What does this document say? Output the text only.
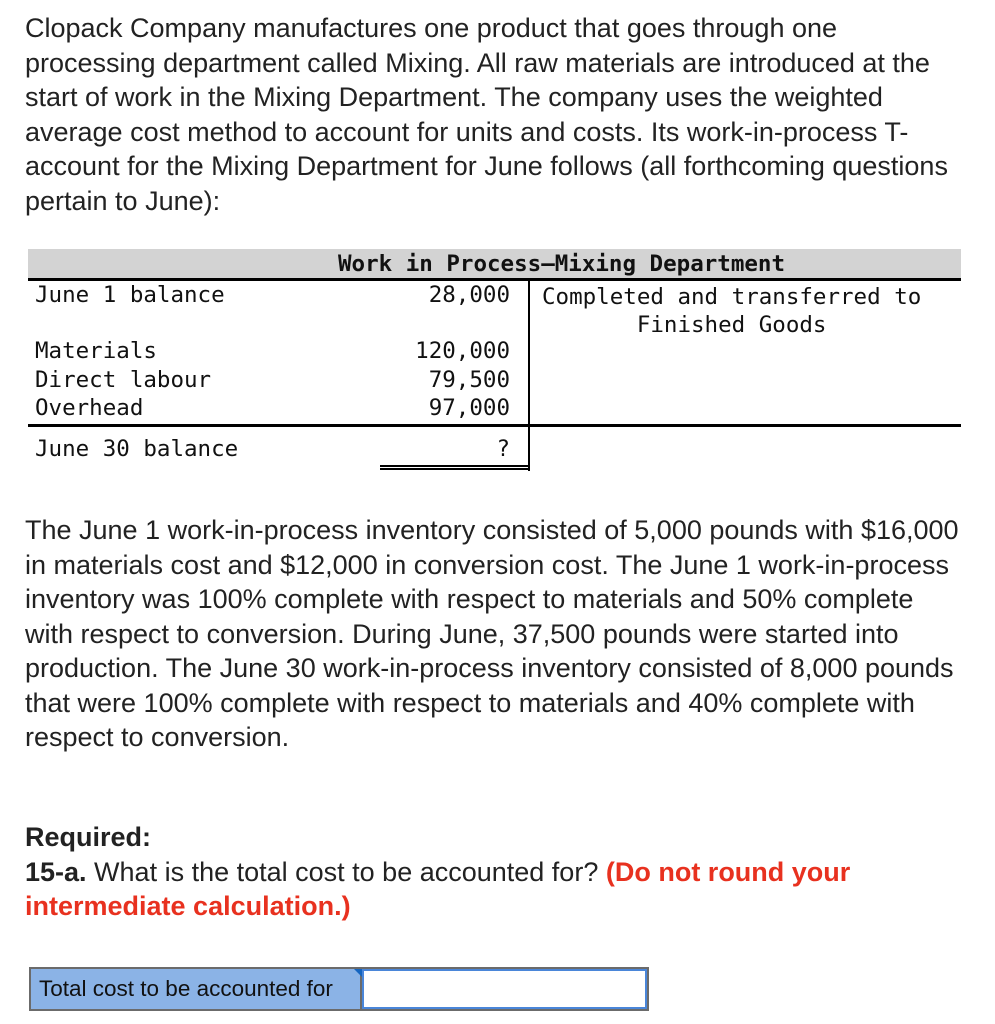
Clopack Company manufactures one product that goes through one processing department called Mixing. All raw materials are introduced at the start of work in the Mixing Department. The company uses the weighted average cost method to account for units and costs. Its work-in-process T-account for the Mixing Department for June follows (all forthcoming questions pertain to June):

Work in Process—Mixing Department
June 1 balance	28,000 Completed and transferred to
Finished Goods
Materials	120,000
Direct labour	79,500
Overhead	97,000
June 30 balance	?

The June 1 work-in-process inventory consisted of 5,000 pounds with $16,000 in materials cost and $12,000 in conversion cost. The June 1 work-in-process inventory was 100% complete with respect to materials and 50% complete with respect to conversion. During June, 37,500 pounds were started into production. The June 30 work-in-process inventory consisted of 8,000 pounds that were 100% complete with respect to materials and 40% complete with respect to conversion.

Required:
15-a. What is the total cost to be accounted for? (Do not round your intermediate calculation.)
Total cost to be accounted for
